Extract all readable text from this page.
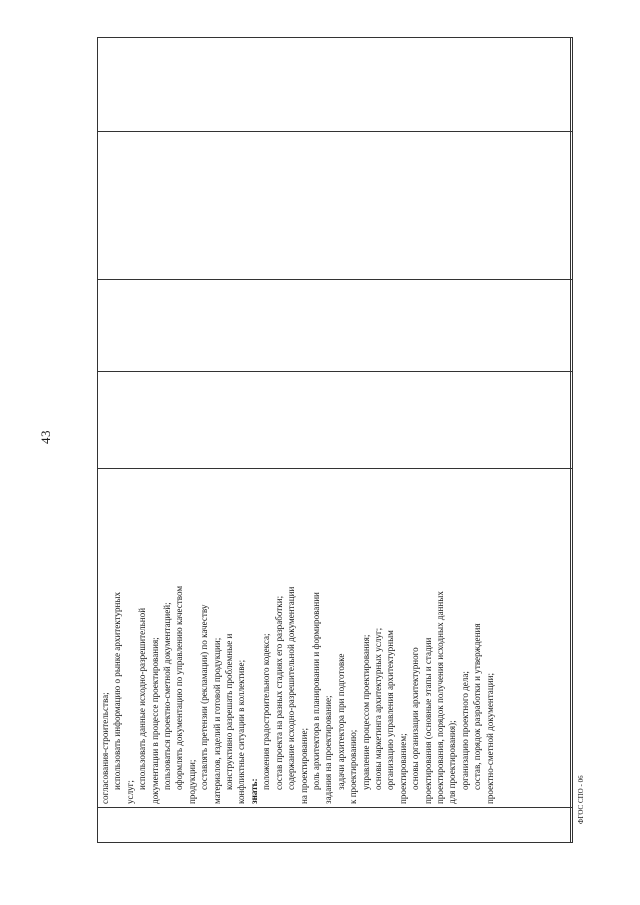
43
ФГОС СПО - 06
согласования-строительства; использовать информацию о рынке архитектурных
услуг;
использовать данные исходно-разрешительной документации в процессе проектирования; пользоваться проектно-сметной документацией; оформлять документацию по управлению качеством продукции; составлять претензии (рекламации) по качеству материалов, изделий и готовой продукции; конструктивно разрешать проблемные и конфликтные ситуации в коллективе; знать:
положения градостроительного кодекса; состав проекта на разных стадиях его разработки; содержание исходно-разрешительной документации на проектирование; роль архитектора в планировании и формировании задания на проектирование; задачи архитектора при подготовке к проектированию; управление процессом проектирования; основы маркетинга архитектурных услуг; организацию управления архитектурным проектированием; основы организации архитектурного проектирования (основные этапы и стадии проектирования, порядок получения исходных данных для проектирования); организацию проектного дела; состав, порядок разработки и утверждения проектно-сметной документации;
